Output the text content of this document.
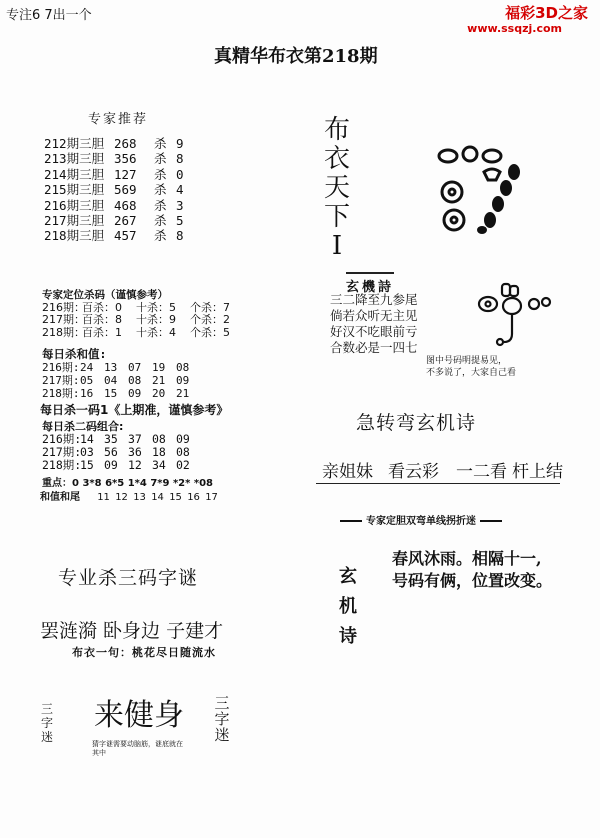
专注6 7出一个	福彩3D之家
www.ssqzj.com
真精华布衣第218期
专家推荐
212期三胆 268	杀 9
213期三胆 356	杀 8
214期三胆 127	杀 0
215期三胆 569	杀 4
216期三胆 468	杀 3
217期三胆 267	杀 5
218期三胆 457	杀 8
专家定位杀码（谨慎参考）
216期：
百杀：0	十杀：5	个杀：7
217期：
百杀：8	十杀：9	个杀：2
218期：
百杀：1	十杀：4	个杀：5
每日杀和值:
216期: 24 13 07 19 08
217期: 05 04 08 21 09
218期: 16 15 09 20 21
每日杀一码1《上期准，谨慎参考》
每日杀二码组合:
216期:
14 35 37 08 09
217期:
03 56 36 18 08
218期:
15 09 12 34 02
重点：0 3*8 6*5 1*4 7*9 *2* *08
和值和尾 11 12 13 14 15 16 17
专业杀三码字谜
罢涟漪 卧身边 子建才
布衣一句：桃花尽日随流水
三字迷
来健身 三字迷
猜字谜需要动脑筋，谜底就在其中
布衣天下I
玄機詩
三二降至九参尾
倘若众听无主见
好汉不吃眼前亏
合数必是一四七
图中号码明提易见，
不多说了，大家自己看
急转弯玄机诗
亲姐妹 看云彩 一二看 杆上结
专家定胆双弯单线拐折迷
玄机诗
春风沐雨。相隔十一,
号码有俩，位置改变。
